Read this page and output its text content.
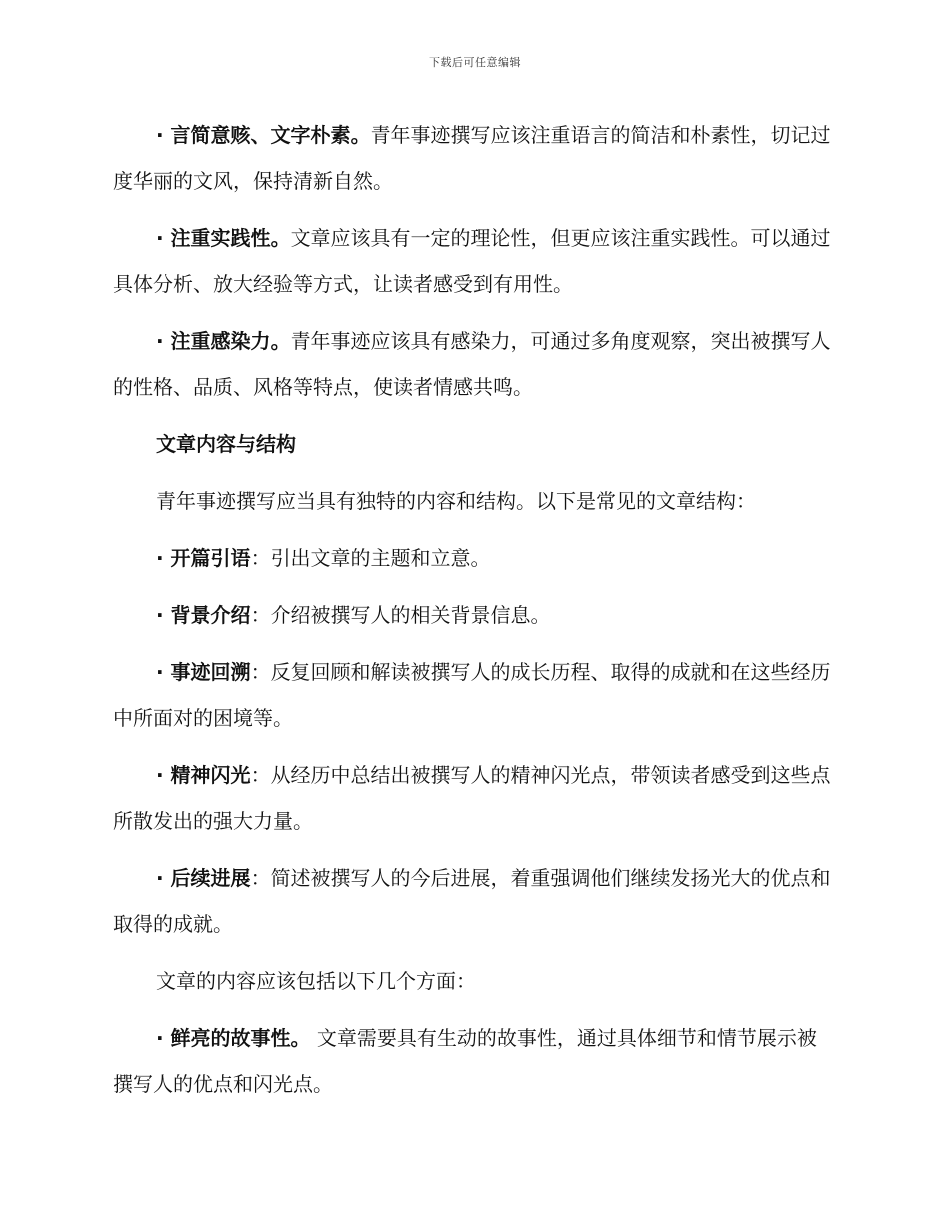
下载后可任意编辑

· 言简意赅、文字朴素。青年事迹撰写应该注重语言的简洁和朴素性，切记过度华丽的文风，保持清新自然。

· 注重实践性。文章应该具有一定的理论性，但更应该注重实践性。可以通过具体分析、放大经验等方式，让读者感受到有用性。

· 注重感染力。青年事迹应该具有感染力，可通过多角度观察，突出被撰写人的性格、品质、风格等特点，使读者情感共鸣。

文章内容与结构

青年事迹撰写应当具有独特的内容和结构。以下是常见的文章结构：

· 开篇引语：引出文章的主题和立意。

· 背景介绍：介绍被撰写人的相关背景信息。

· 事迹回溯：反复回顾和解读被撰写人的成长历程、取得的成就和在这些经历中所面对的困境等。

· 精神闪光：从经历中总结出被撰写人的精神闪光点，带领读者感受到这些点所散发出的强大力量。

· 后续进展：简述被撰写人的今后进展，着重强调他们继续发扬光大的优点和取得的成就。

文章的内容应该包括以下几个方面：

· 鲜亮的故事性。 文章需要具有生动的故事性，通过具体细节和情节展示被撰写人的优点和闪光点。
